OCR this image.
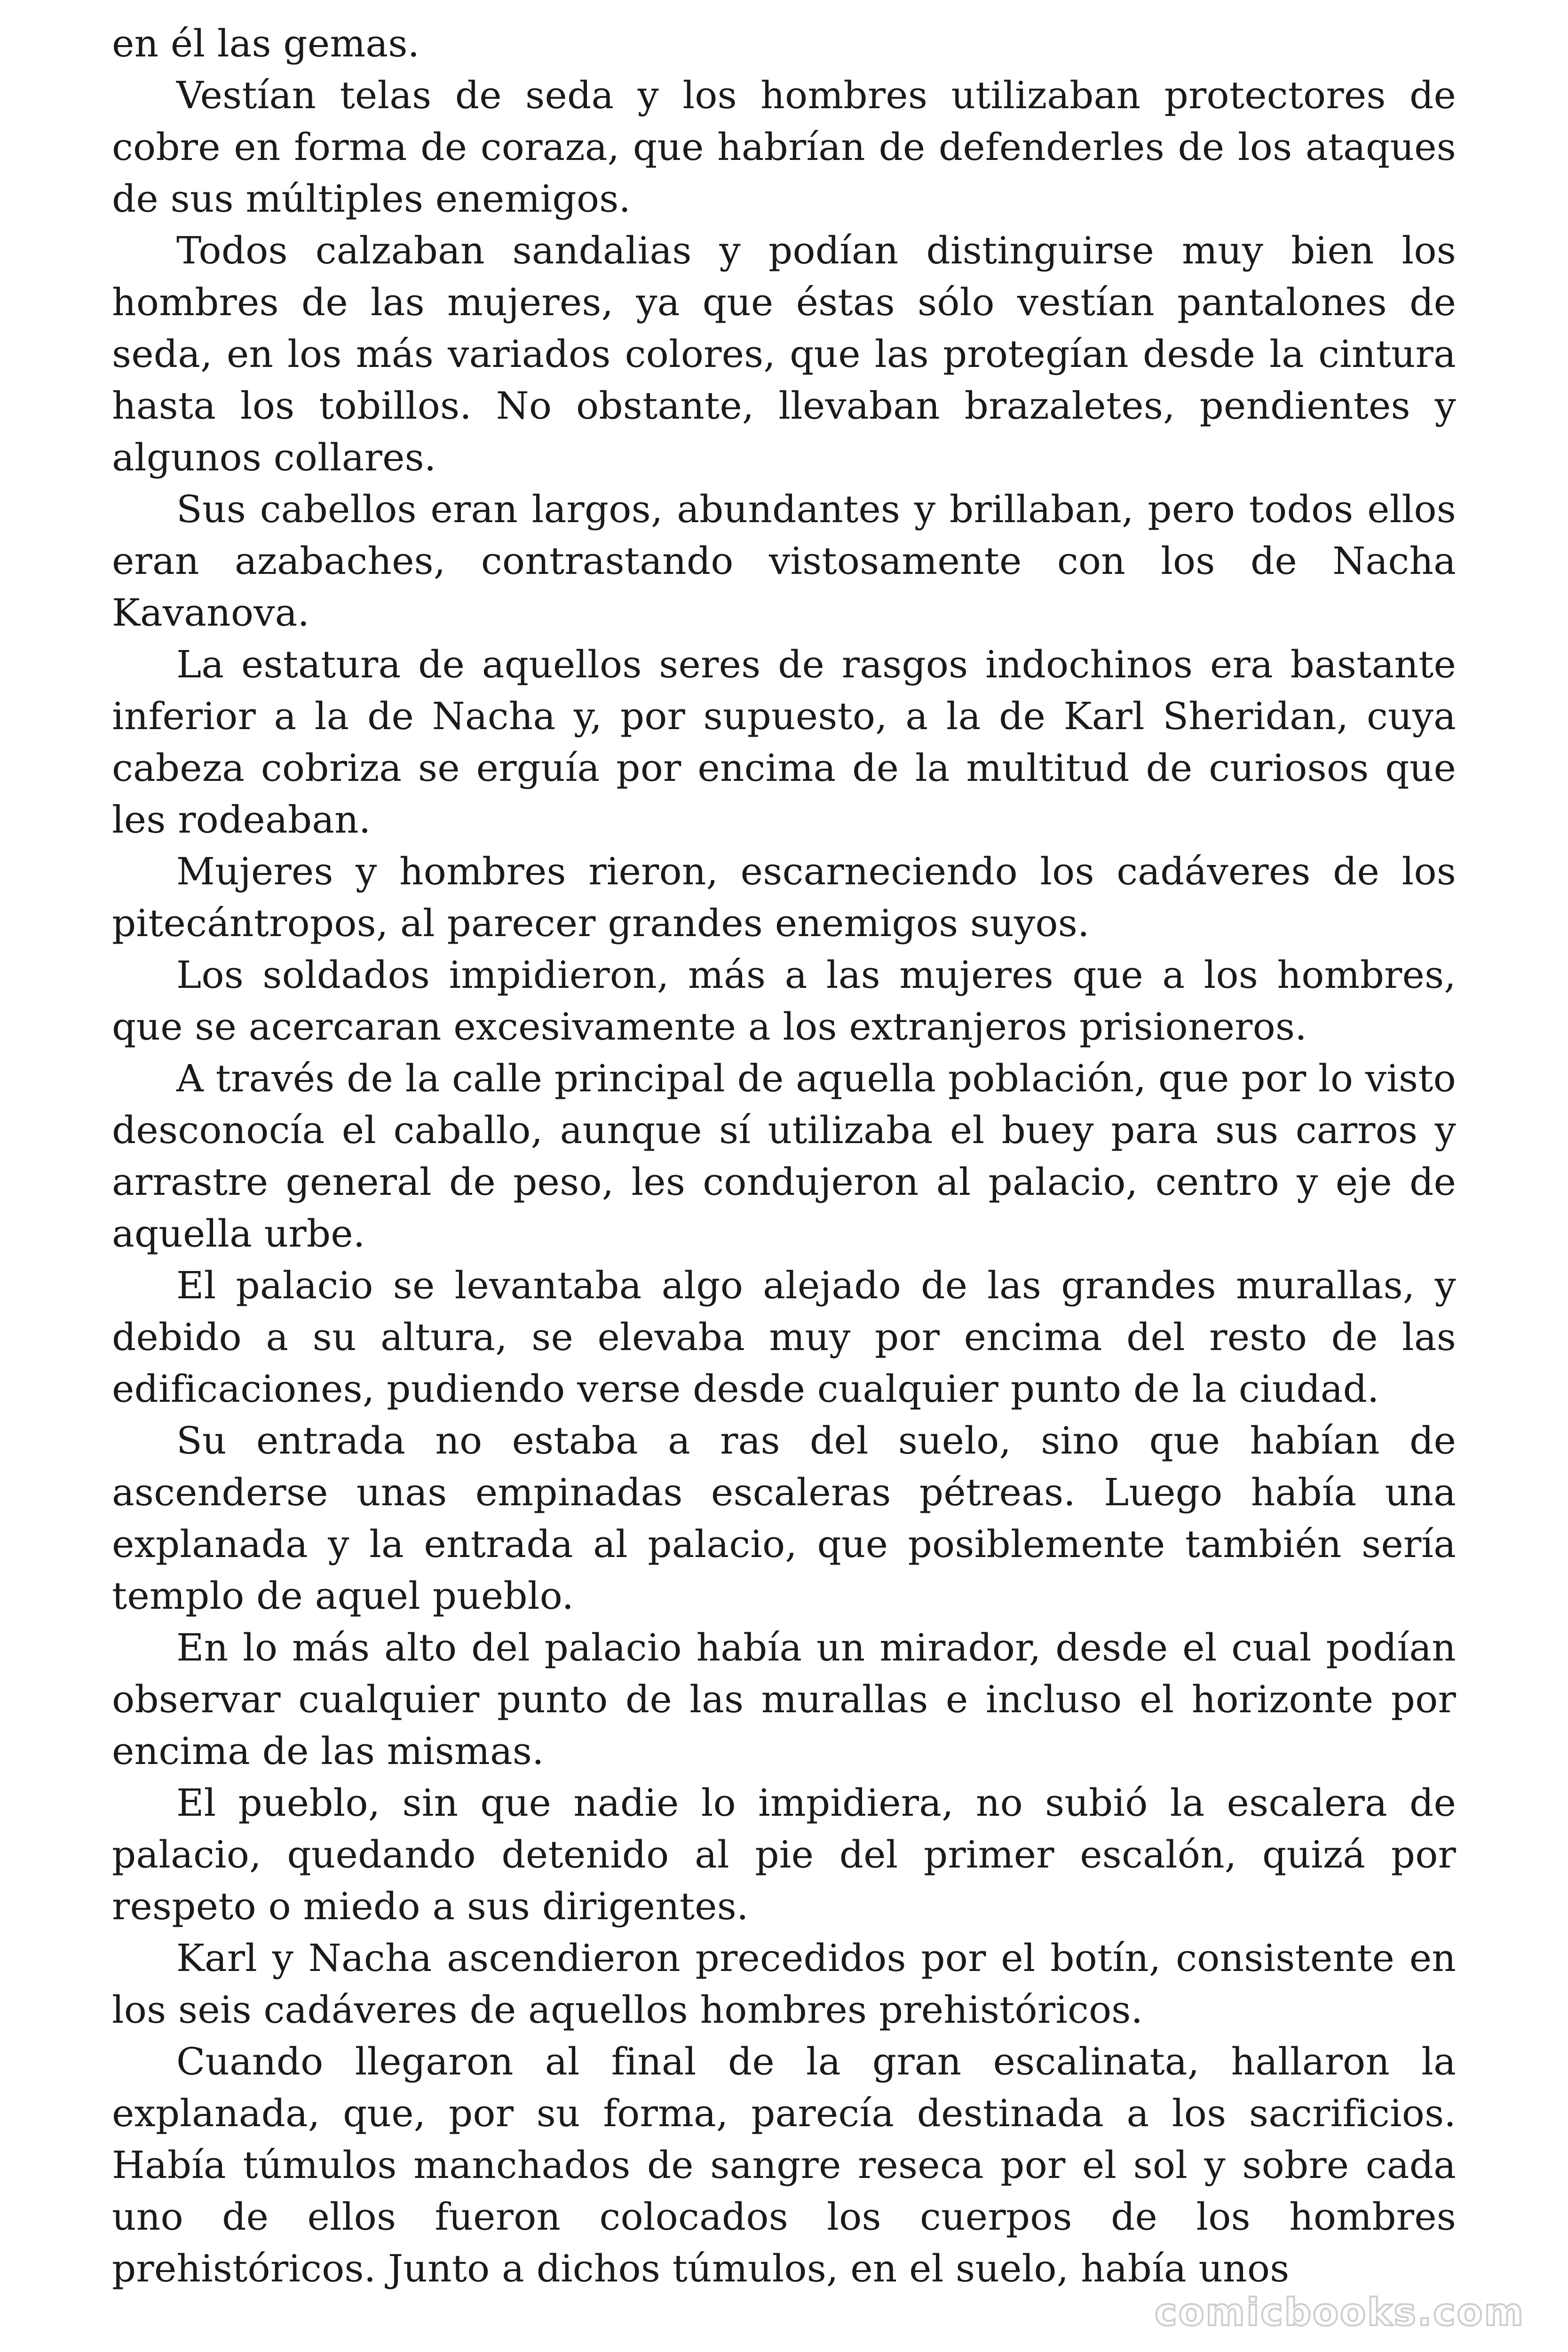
en él las gemas.

Vestían telas de seda y los hombres utilizaban protectores de cobre en forma de coraza, que habrían de defenderles de los ataques de sus múltiples enemigos.

Todos calzaban sandalias y podían distinguirse muy bien los hombres de las mujeres, ya que éstas sólo vestían pantalones de seda, en los más variados colores, que las protegían desde la cintura hasta los tobillos. No obstante, llevaban brazaletes, pendientes y algunos collares.

Sus cabellos eran largos, abundantes y brillaban, pero todos ellos eran azabaches, contrastando vistosamente con los de Nacha Kavanova.

La estatura de aquellos seres de rasgos indochinos era bastante inferior a la de Nacha y, por supuesto, a la de Karl Sheridan, cuya cabeza cobriza se erguía por encima de la multitud de curiosos que les rodeaban.

Mujeres y hombres rieron, escarneciendo los cadáveres de los pitecántropos, al parecer grandes enemigos suyos.

Los soldados impidieron, más a las mujeres que a los hombres, que se acercaran excesivamente a los extranjeros prisioneros.

A través de la calle principal de aquella población, que por lo visto desconocía el caballo, aunque sí utilizaba el buey para sus carros y arrastre general de peso, les condujeron al palacio, centro y eje de aquella urbe.

El palacio se levantaba algo alejado de las grandes murallas, y debido a su altura, se elevaba muy por encima del resto de las edificaciones, pudiendo verse desde cualquier punto de la ciudad.

Su entrada no estaba a ras del suelo, sino que habían de ascenderse unas empinadas escaleras pétreas. Luego había una explanada y la entrada al palacio, que posiblemente también sería templo de aquel pueblo.

En lo más alto del palacio había un mirador, desde el cual podían observar cualquier punto de las murallas e incluso el horizonte por encima de las mismas.

El pueblo, sin que nadie lo impidiera, no subió la escalera de palacio, quedando detenido al pie del primer escalón, quizá por respeto o miedo a sus dirigentes.

Karl y Nacha ascendieron precedidos por el botín, consistente en los seis cadáveres de aquellos hombres prehistóricos.

Cuando llegaron al final de la gran escalinata, hallaron la explanada, que, por su forma, parecía destinada a los sacrificios. Había túmulos manchados de sangre reseca por el sol y sobre cada uno de ellos fueron colocados los cuerpos de los hombres prehistóricos. Junto a dichos túmulos, en el suelo, había unos

comicbooks.com
